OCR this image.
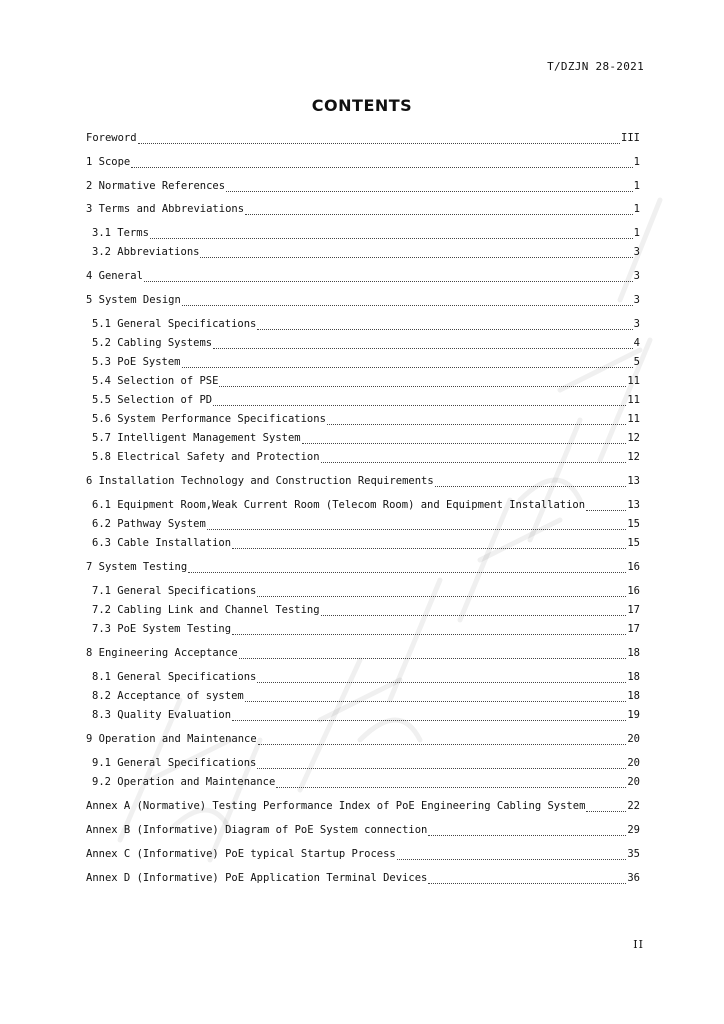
T/DZJN 28-2021
CONTENTS
Foreword	III
1 Scope	1
2 Normative References	1
3 Terms and Abbreviations	1
3.1 Terms	1
3.2 Abbreviations	3
4 General	3
5 System Design	3
5.1 General Specifications	3
5.2 Cabling Systems	4
5.3 PoE System	5
5.4 Selection of PSE	11
5.5 Selection of PD	11
5.6 System Performance Specifications	11
5.7 Intelligent Management System	12
5.8 Electrical Safety and Protection	12
6 Installation Technology and Construction Requirements	13
6.1 Equipment Room,Weak Current Room (Telecom Room) and Equipment Installation	13
6.2 Pathway System	15
6.3 Cable Installation	15
7 System Testing	16
7.1 General Specifications	16
7.2 Cabling Link and Channel Testing	17
7.3 PoE System Testing	17
8 Engineering Acceptance	18
8.1 General Specifications	18
8.2 Acceptance of system	18
8.3 Quality Evaluation	19
9 Operation and Maintenance	20
9.1 General Specifications	20
9.2 Operation and Maintenance	20
Annex A (Normative) Testing Performance Index of PoE Engineering Cabling System	22
Annex B (Informative) Diagram of PoE System connection	29
Annex C (Informative) PoE typical Startup Process	35
Annex D (Informative) PoE Application Terminal Devices	36
II
